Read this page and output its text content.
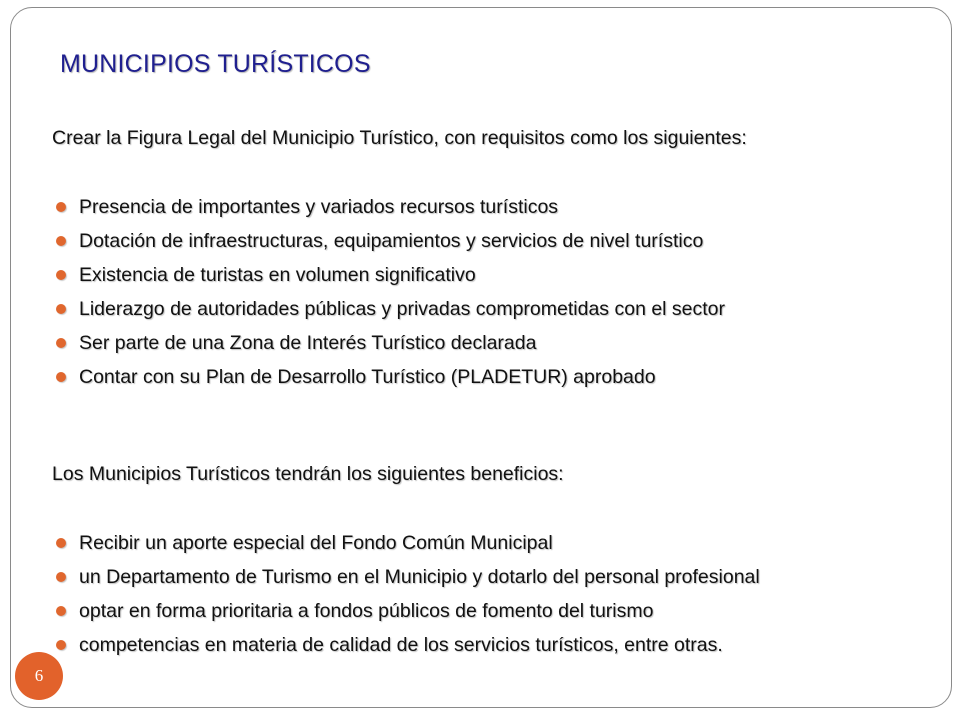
MUNICIPIOS TURÍSTICOS
Crear la Figura Legal del Municipio Turístico, con requisitos como los siguientes:
Presencia de importantes y variados recursos turísticos
Dotación de infraestructuras, equipamientos y servicios de nivel turístico
Existencia de turistas en volumen significativo
Liderazgo de autoridades públicas y privadas comprometidas con el sector
Ser parte de una Zona de Interés Turístico declarada
Contar con su Plan de Desarrollo Turístico (PLADETUR) aprobado
Los Municipios Turísticos tendrán los siguientes beneficios:
Recibir un aporte especial del Fondo Común Municipal
un Departamento de Turismo en el Municipio y dotarlo del personal profesional
optar en forma prioritaria a fondos públicos de fomento del turismo
competencias en materia de calidad de los servicios turísticos, entre otras.
6
